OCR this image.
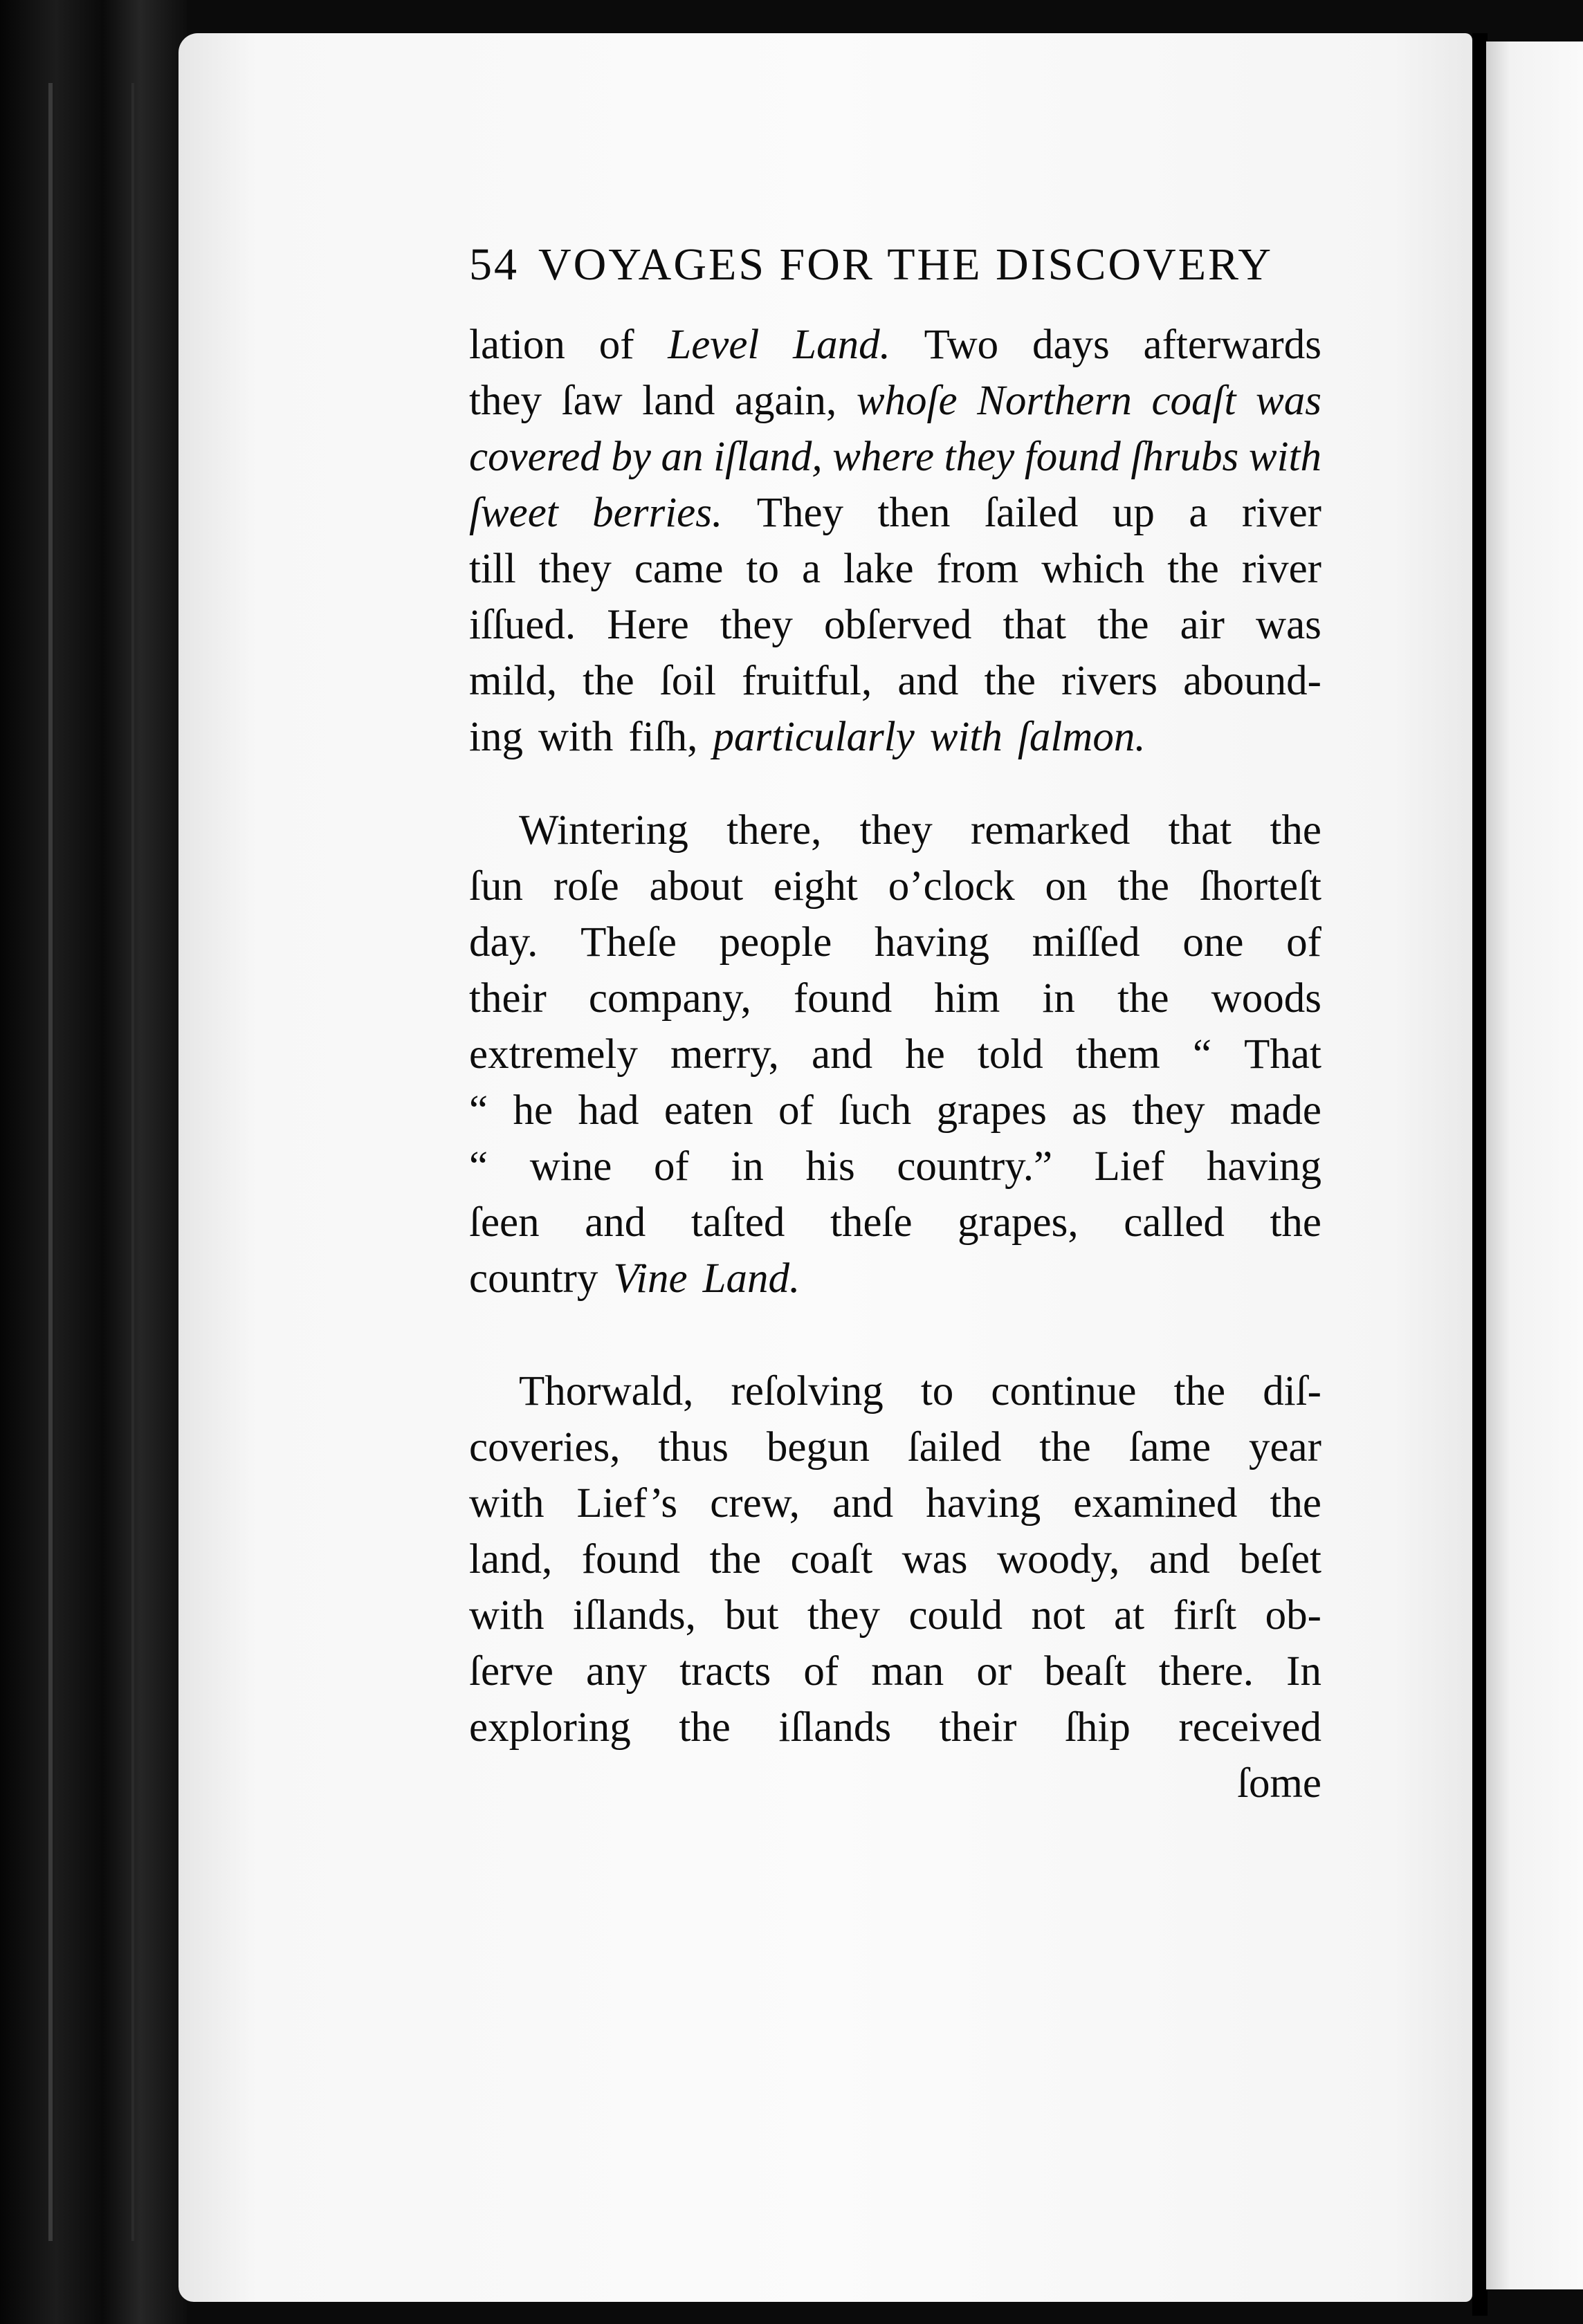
54 VOYAGES FOR THE DISCOVERY
lation of Level Land. Two days afterwards
they ſaw land again, whoſe Northern coaſt was
covered by an iſland, where they found ſhrubs with
ſweet berries. They then ſailed up a river
till they came to a lake from which the river
iſſued. Here they obſerved that the air was
mild, the ſoil fruitful, and the rivers abound-
ing with fiſh, particularly with ſalmon.
Wintering there, they remarked that the
ſun roſe about eight o’clock on the ſhorteſt
day. Theſe people having miſſed one of
their company, found him in the woods
extremely merry, and he told them “ That
“ he had eaten of ſuch grapes as they made
“ wine of in his country.” Lief having
ſeen and taſted theſe grapes, called the
country Vine Land.
Thorwald, reſolving to continue the diſ-
coveries, thus begun ſailed the ſame year
with Lief’s crew, and having examined the
land, found the coaſt was woody, and beſet
with iſlands, but they could not at firſt ob-
ſerve any tracts of man or beaſt there. In
exploring the iſlands their ſhip received
ſome
